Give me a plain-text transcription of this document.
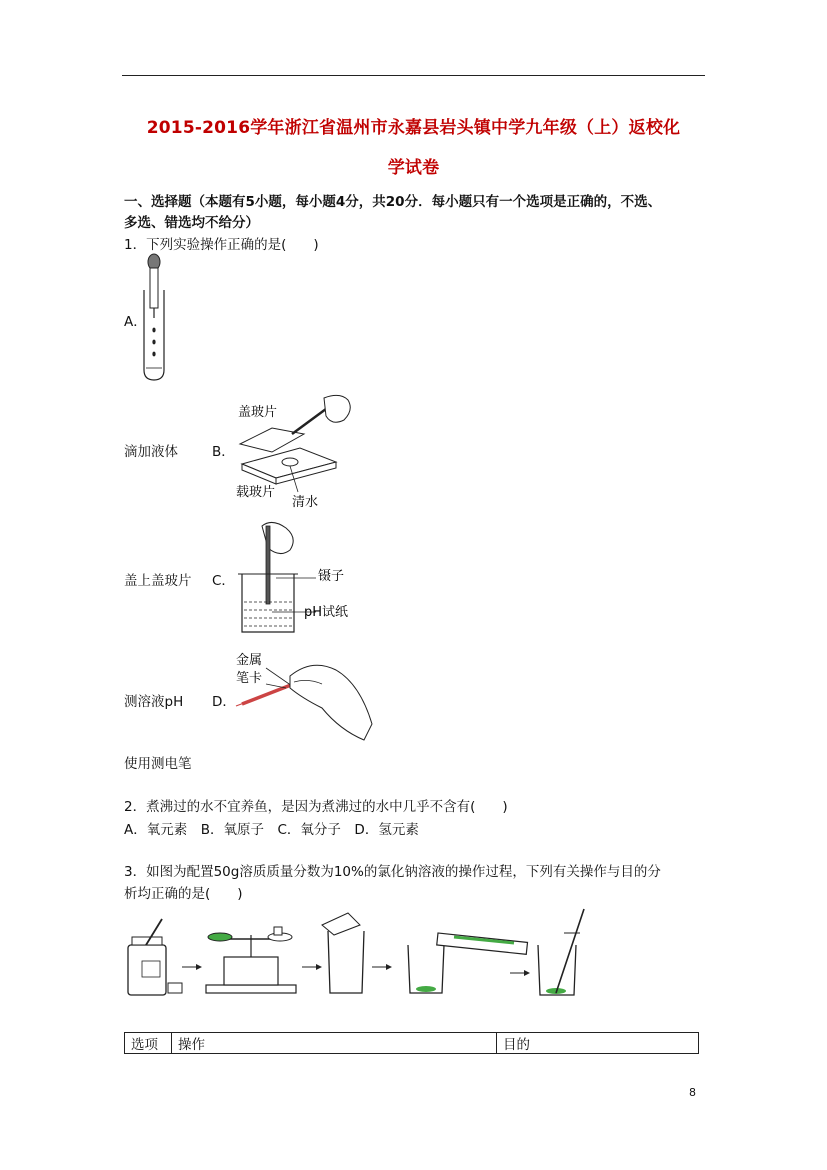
2015-2016学年浙江省温州市永嘉县岩头镇中学九年级（上）返校化
学试卷
一、选择题（本题有5小题，每小题4分，共20分．每小题只有一个选项是正确的，不选、
多选、错选均不给分）
1．下列实验操作正确的是(　　)
A．
滴加液体	B．
盖玻片
载玻片
清水
盖上盖玻片 C．	镊子
pH试纸
测溶液pH D．
金属
笔卡
使用测电笔
2．煮沸过的水不宜养鱼，是因为煮沸过的水中几乎不含有(　　)
A．氧元素　B．氧原子　C．氧分子　D．氢元素
3．如图为配置50g溶质质量分数为10%的氯化钠溶液的操作过程，下列有关操作与目的分
析均正确的是(　　)
选项	操作	目的
8
